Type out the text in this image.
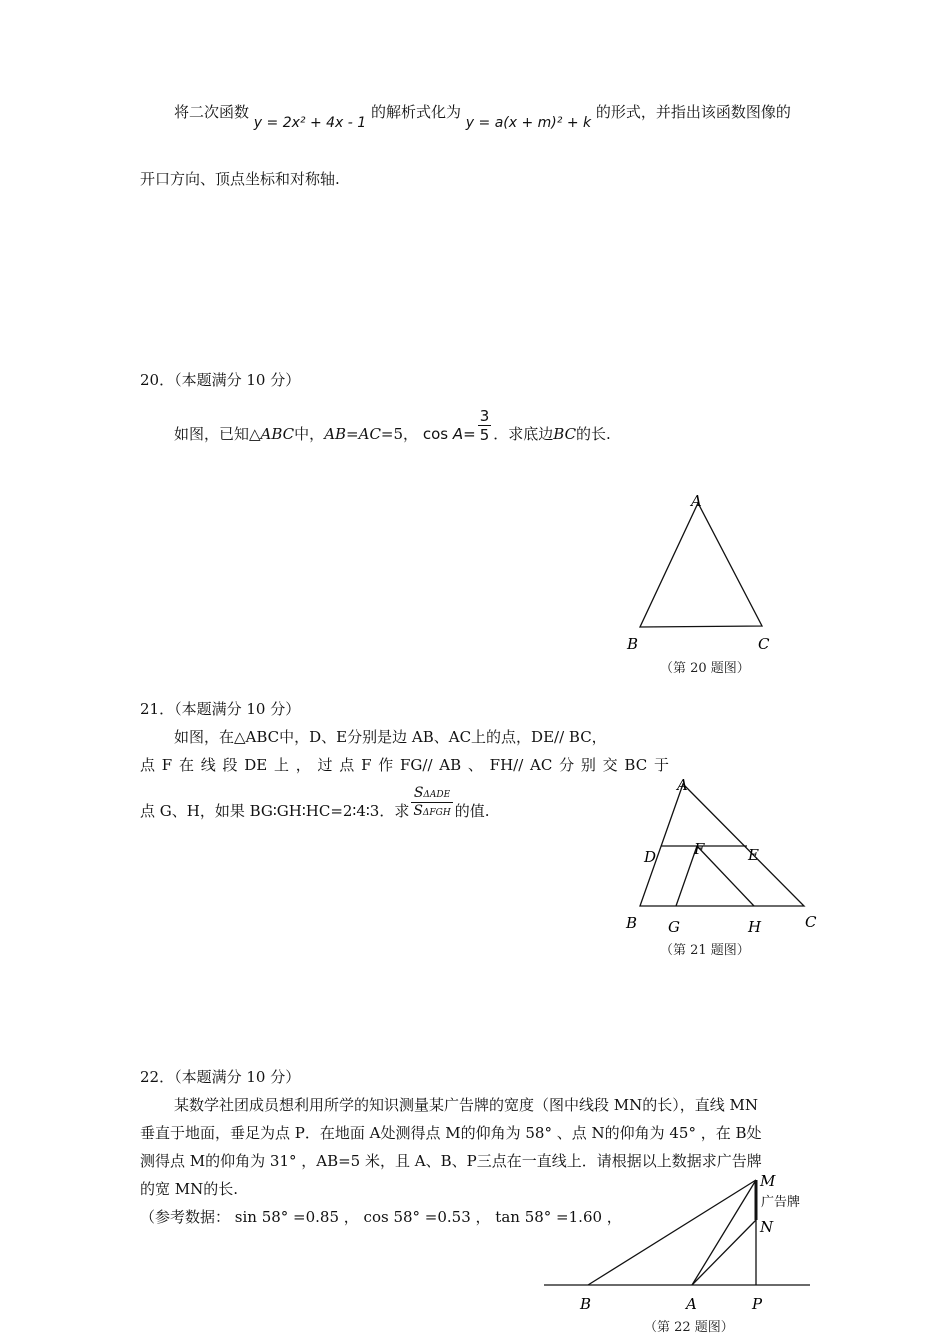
将二次函数 y = 2x² + 4x - 1 的解析式化为 y = a(x + m)² + k 的形式，并指出该函数图像的
开口方向、顶点坐标和对称轴.
20．（本题满分 10 分）
如图，已知△ABC中，AB=AC=5， $\cos A= \frac{3}{5}$ ．求底边BC的长.
A
B	C
（第 20 题图）
21．（本题满分 10 分）
如图，在△ABC中，D、E分别是边 AB、AC上的点，DE// BC，
点 F 在 线 段 DE 上 ， 过 点 F 作 FG// AB 、 FH// AC 分 别 交 BC 于
点 G、H，如果 BG∶GH∶HC=2∶4∶3．求 $\frac{\text{SΔADE}}{\text{SΔFGH}}$ 的值.
A
D	F	E
B G	H	C
（第 21 题图）
22．（本题满分 10 分）
某数学社团成员想利用所学的知识测量某广告牌的宽度（图中线段 MN的长），直线 MN
垂直于地面，垂足为点 P．在地面 A处测得点 M的仰角为 58° 、点 N的仰角为 45° ，在 B处
测得点 M的仰角为 31° ，AB=5 米，且 A、B、P三点在一直线上．请根据以上数据求广告牌
的宽 MN的长.
（参考数据： sin 58° =0.85 ， cos 58° =0.53 ， tan 58° =1.60 ，
M
N
广告牌
B	A	P
（第 22 题图）
